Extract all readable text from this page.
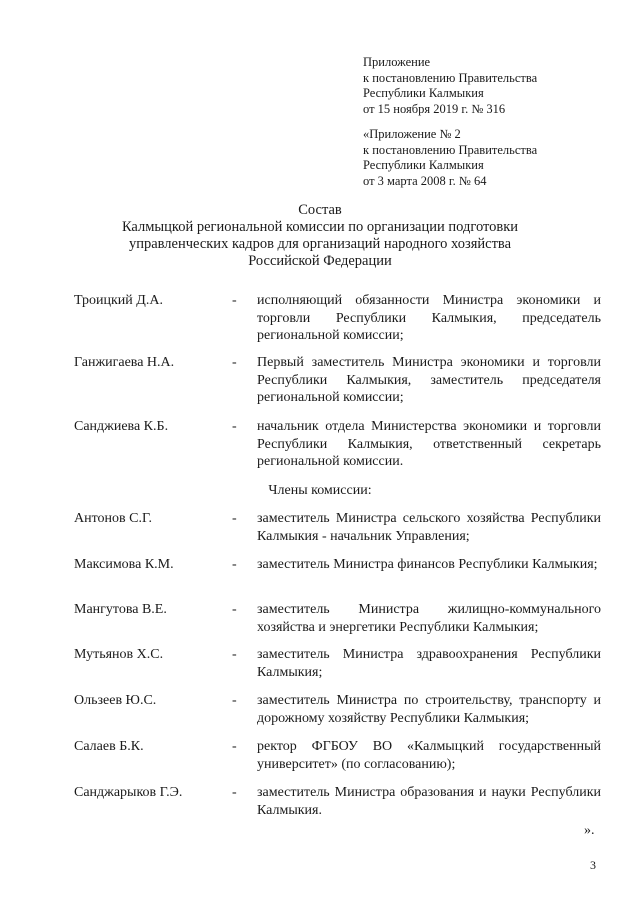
Приложение
к постановлению Правительства
Республики Калмыкия
от 15 ноября 2019 г. № 316
«Приложение № 2
к постановлению Правительства
Республики Калмыкия
от 3 марта 2008 г. № 64
Состав
Калмыцкой региональной комиссии по организации подготовки
управленческих кадров для организаций народного хозяйства
Российской Федерации
Троицкий Д.А.	- исполняющий обязанности Министра экономики и торговли Республики Калмыкия, председатель региональной комиссии;
Ганжигаева Н.А.	- Первый заместитель Министра экономики и торговли Республики Калмыкия, заместитель председателя региональной комиссии;
Санджиева К.Б.	- начальник отдела Министерства экономики и торговли Республики Калмыкия, ответственный секретарь региональной комиссии.
Члены комиссии:
Антонов С.Г.	- заместитель Министра сельского хозяйства Республики Калмыкия - начальник Управления;
Максимова К.М.	- заместитель Министра финансов Республики Калмыкия;
Мангутова В.Е.	- заместитель Министра жилищно-коммунального хозяйства и энергетики Республики Калмыкия;
Мутьянов Х.С.	- заместитель Министра здравоохранения Республики Калмыкия;
Ользеев Ю.С.	- заместитель Министра по строительству, транспорту и дорожному хозяйству Республики Калмыкия;
Салаев Б.К.	- ректор ФГБОУ ВО «Калмыцкий государственный университет» (по согласованию);
Санджарыков Г.Э.	- заместитель Министра образования и науки Республики Калмыкия.
».
3
